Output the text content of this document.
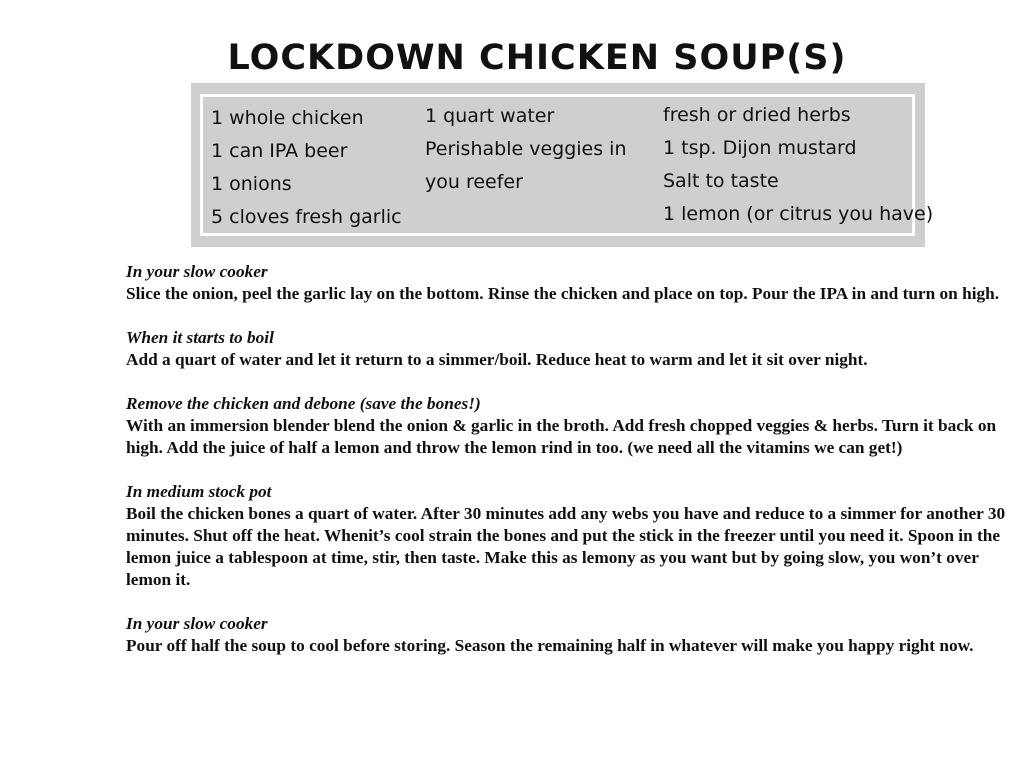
LOCKDOWN CHICKEN SOUP(S)
1 whole chicken
1 can IPA beer
1 onions
5 cloves fresh garlic
1 quart water
Perishable veggies in you reefer
fresh or dried herbs
1 tsp. Dijon mustard
Salt to taste
1 lemon (or citrus you have)
In your slow cooker
Slice the onion, peel the garlic lay on the bottom. Rinse the chicken and place on top. Pour the IPA in and turn on high.
When it starts to boil
Add a quart of water and let it return to a simmer/boil. Reduce heat to warm and let it sit over night.
Remove the chicken and debone (save the bones!)
With an immersion blender blend the onion & garlic in the broth. Add fresh chopped veggies & herbs. Turn it back on high. Add the juice of half a lemon and throw the lemon rind in too. (we need all the vitamins we can get!)
In medium stock pot
Boil the chicken bones a quart of water. After 30 minutes add any webs you have and reduce to a simmer for another 30 minutes. Shut off the heat. Whenit’s cool strain the bones and put the stick in the freezer until you need it. Spoon in the lemon juice a tablespoon at time, stir, then taste. Make this as lemony as you want but by going slow, you won’t over lemon it.
In your slow cooker
Pour off half the soup to cool before storing. Season the remaining half in whatever will make you happy right now.
